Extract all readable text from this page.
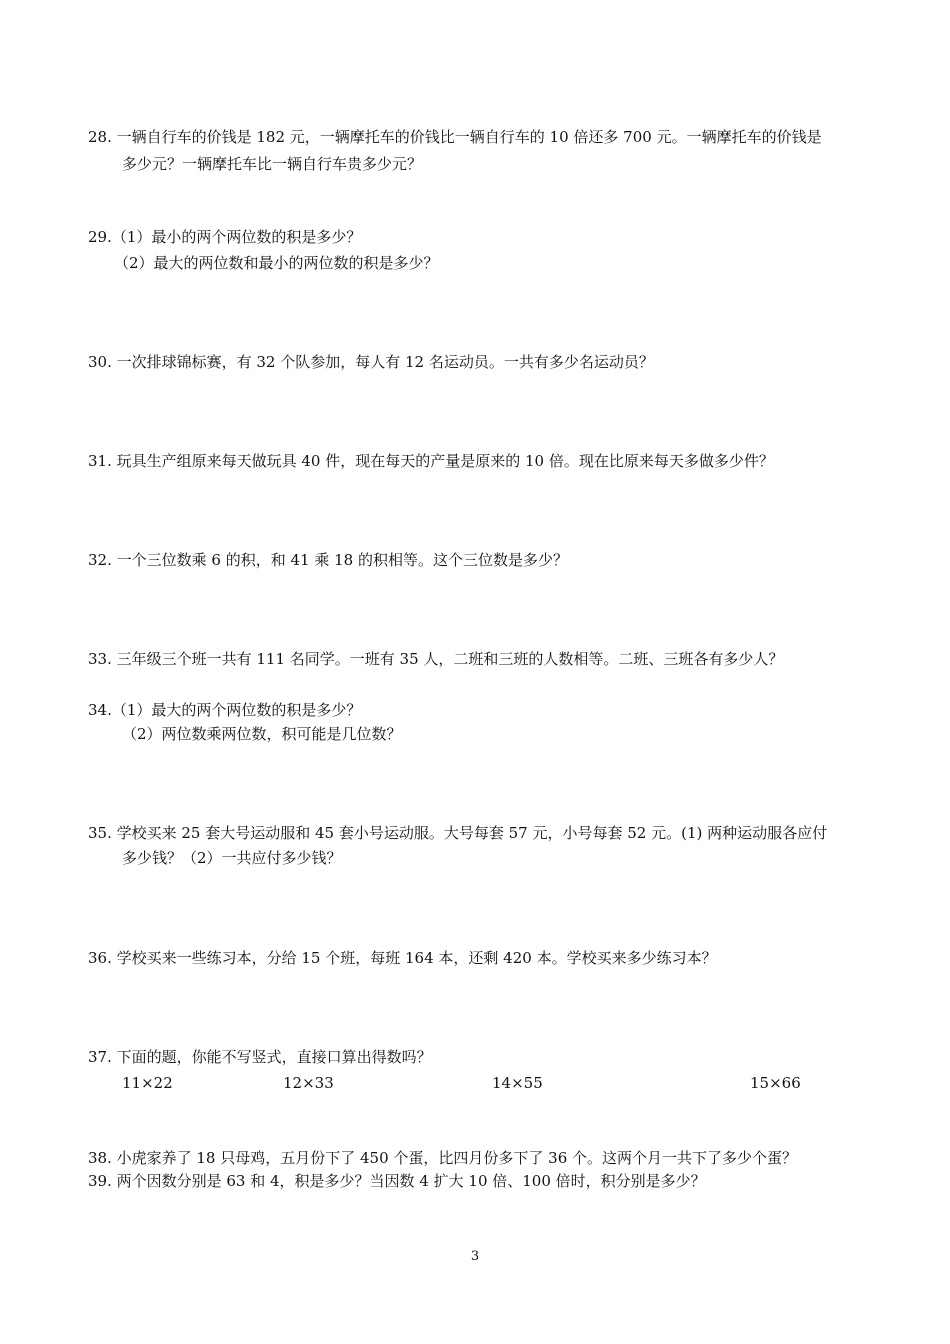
28. 一辆自行车的价钱是 182 元，一辆摩托车的价钱比一辆自行车的 10 倍还多 700 元。一辆摩托车的价钱是
多少元？一辆摩托车比一辆自行车贵多少元？
29.（1）最小的两个两位数的积是多少？
（2）最大的两位数和最小的两位数的积是多少？
30. 一次排球锦标赛，有 32 个队参加，每人有 12 名运动员。一共有多少名运动员？
31. 玩具生产组原来每天做玩具 40 件，现在每天的产量是原来的 10 倍。现在比原来每天多做多少件？
32. 一个三位数乘 6 的积，和 41 乘 18 的积相等。这个三位数是多少？
33. 三年级三个班一共有 111 名同学。一班有 35 人，二班和三班的人数相等。二班、三班各有多少人？
34.（1）最大的两个两位数的积是多少？
（2）两位数乘两位数，积可能是几位数？
35. 学校买来 25 套大号运动服和 45 套小号运动服。大号每套 57 元，小号每套 52 元。(1) 两种运动服各应付
多少钱？（2）一共应付多少钱？
36. 学校买来一些练习本，分给 15 个班，每班 164 本，还剩 420 本。学校买来多少练习本？
37. 下面的题，你能不写竖式，直接口算出得数吗？
11×22	12×33	14×55	15×66
38. 小虎家养了 18 只母鸡，五月份下了 450 个蛋，比四月份多下了 36 个。这两个月一共下了多少个蛋？
39. 两个因数分别是 63 和 4，积是多少？当因数 4 扩大 10 倍、100 倍时，积分别是多少？
3
